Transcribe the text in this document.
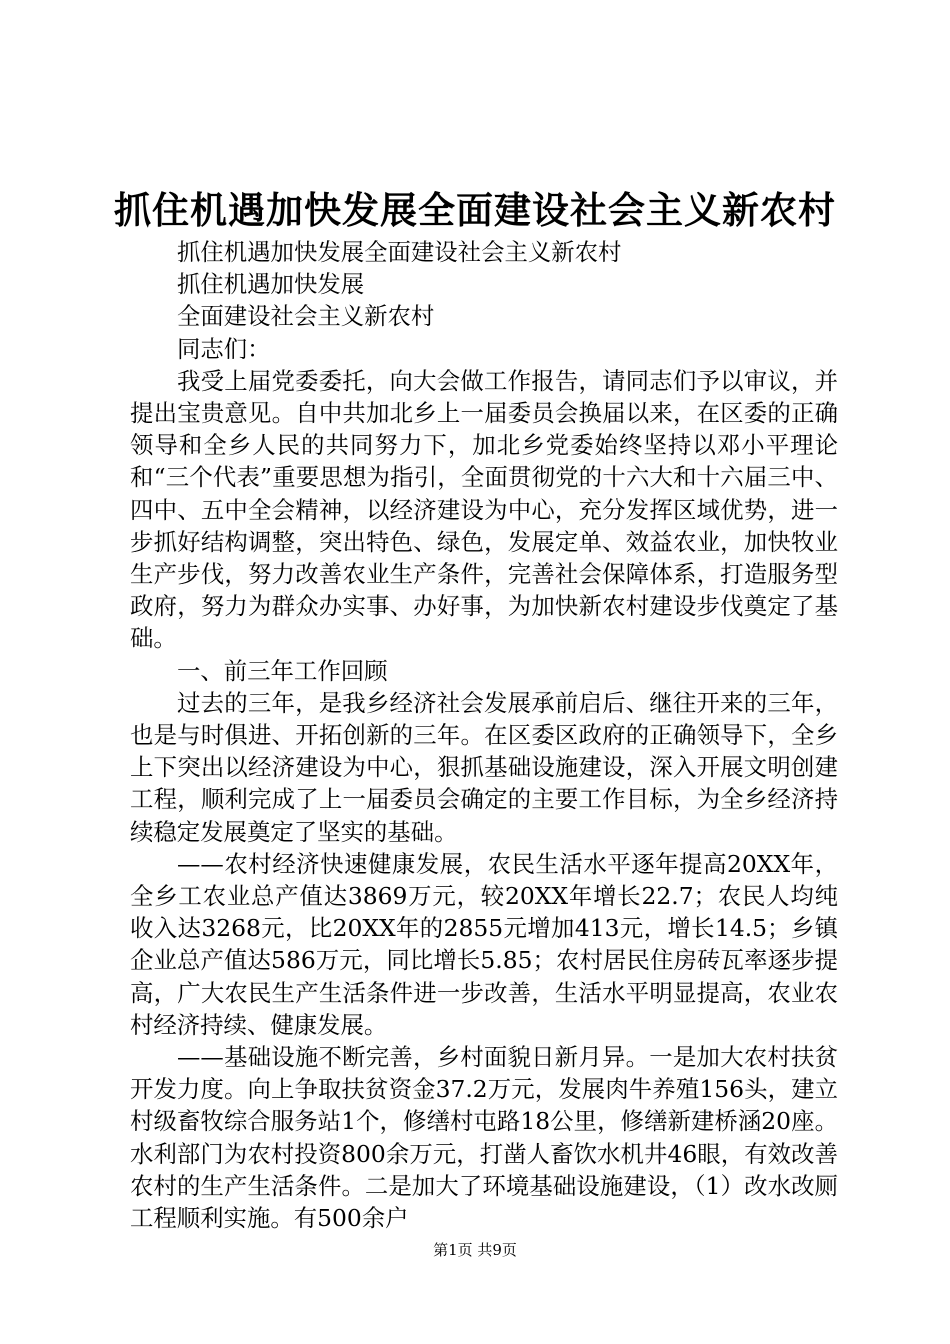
抓住机遇加快发展全面建设社会主义新农村

抓住机遇加快发展全面建设社会主义新农村

抓住机遇加快发展

全面建设社会主义新农村

同志们：

我受上届党委委托，向大会做工作报告，请同志们予以审议，并提出宝贵意见。自中共加北乡上一届委员会换届以来，在区委的正确领导和全乡人民的共同努力下，加北乡党委始终坚持以邓小平理论和“三个代表”重要思想为指引，全面贯彻党的十六大和十六届三中、四中、五中全会精神，以经济建设为中心，充分发挥区域优势，进一步抓好结构调整，突出特色、绿色，发展定单、效益农业，加快牧业生产步伐，努力改善农业生产条件，完善社会保障体系，打造服务型政府，努力为群众办实事、办好事，为加快新农村建设步伐奠定了基础。

一、前三年工作回顾

过去的三年，是我乡经济社会发展承前启后、继往开来的三年，也是与时俱进、开拓创新的三年。在区委区政府的正确领导下，全乡上下突出以经济建设为中心，狠抓基础设施建设，深入开展文明创建工程，顺利完成了上一届委员会确定的主要工作目标，为全乡经济持续稳定发展奠定了坚实的基础。

——农村经济快速健康发展，农民生活水平逐年提高20XX年，全乡工农业总产值达3869万元，较20XX年增长22.7；农民人均纯收入达3268元，比20XX年的2855元增加413元，增长14.5；乡镇企业总产值达586万元，同比增长5.85；农村居民住房砖瓦率逐步提高，广大农民生产生活条件进一步改善，生活水平明显提高，农业农村经济持续、健康发展。

——基础设施不断完善，乡村面貌日新月异。一是加大农村扶贫开发力度。向上争取扶贫资金37.2万元，发展肉牛养殖156头，建立村级畜牧综合服务站1个，修缮村屯路18公里，修缮新建桥涵20座。水利部门为农村投资800余万元，打凿人畜饮水机井46眼，有效改善农村的生产生活条件。二是加大了环境基础设施建设，（1）改水改厕工程顺利实施。有500余户

第1页 共9页
